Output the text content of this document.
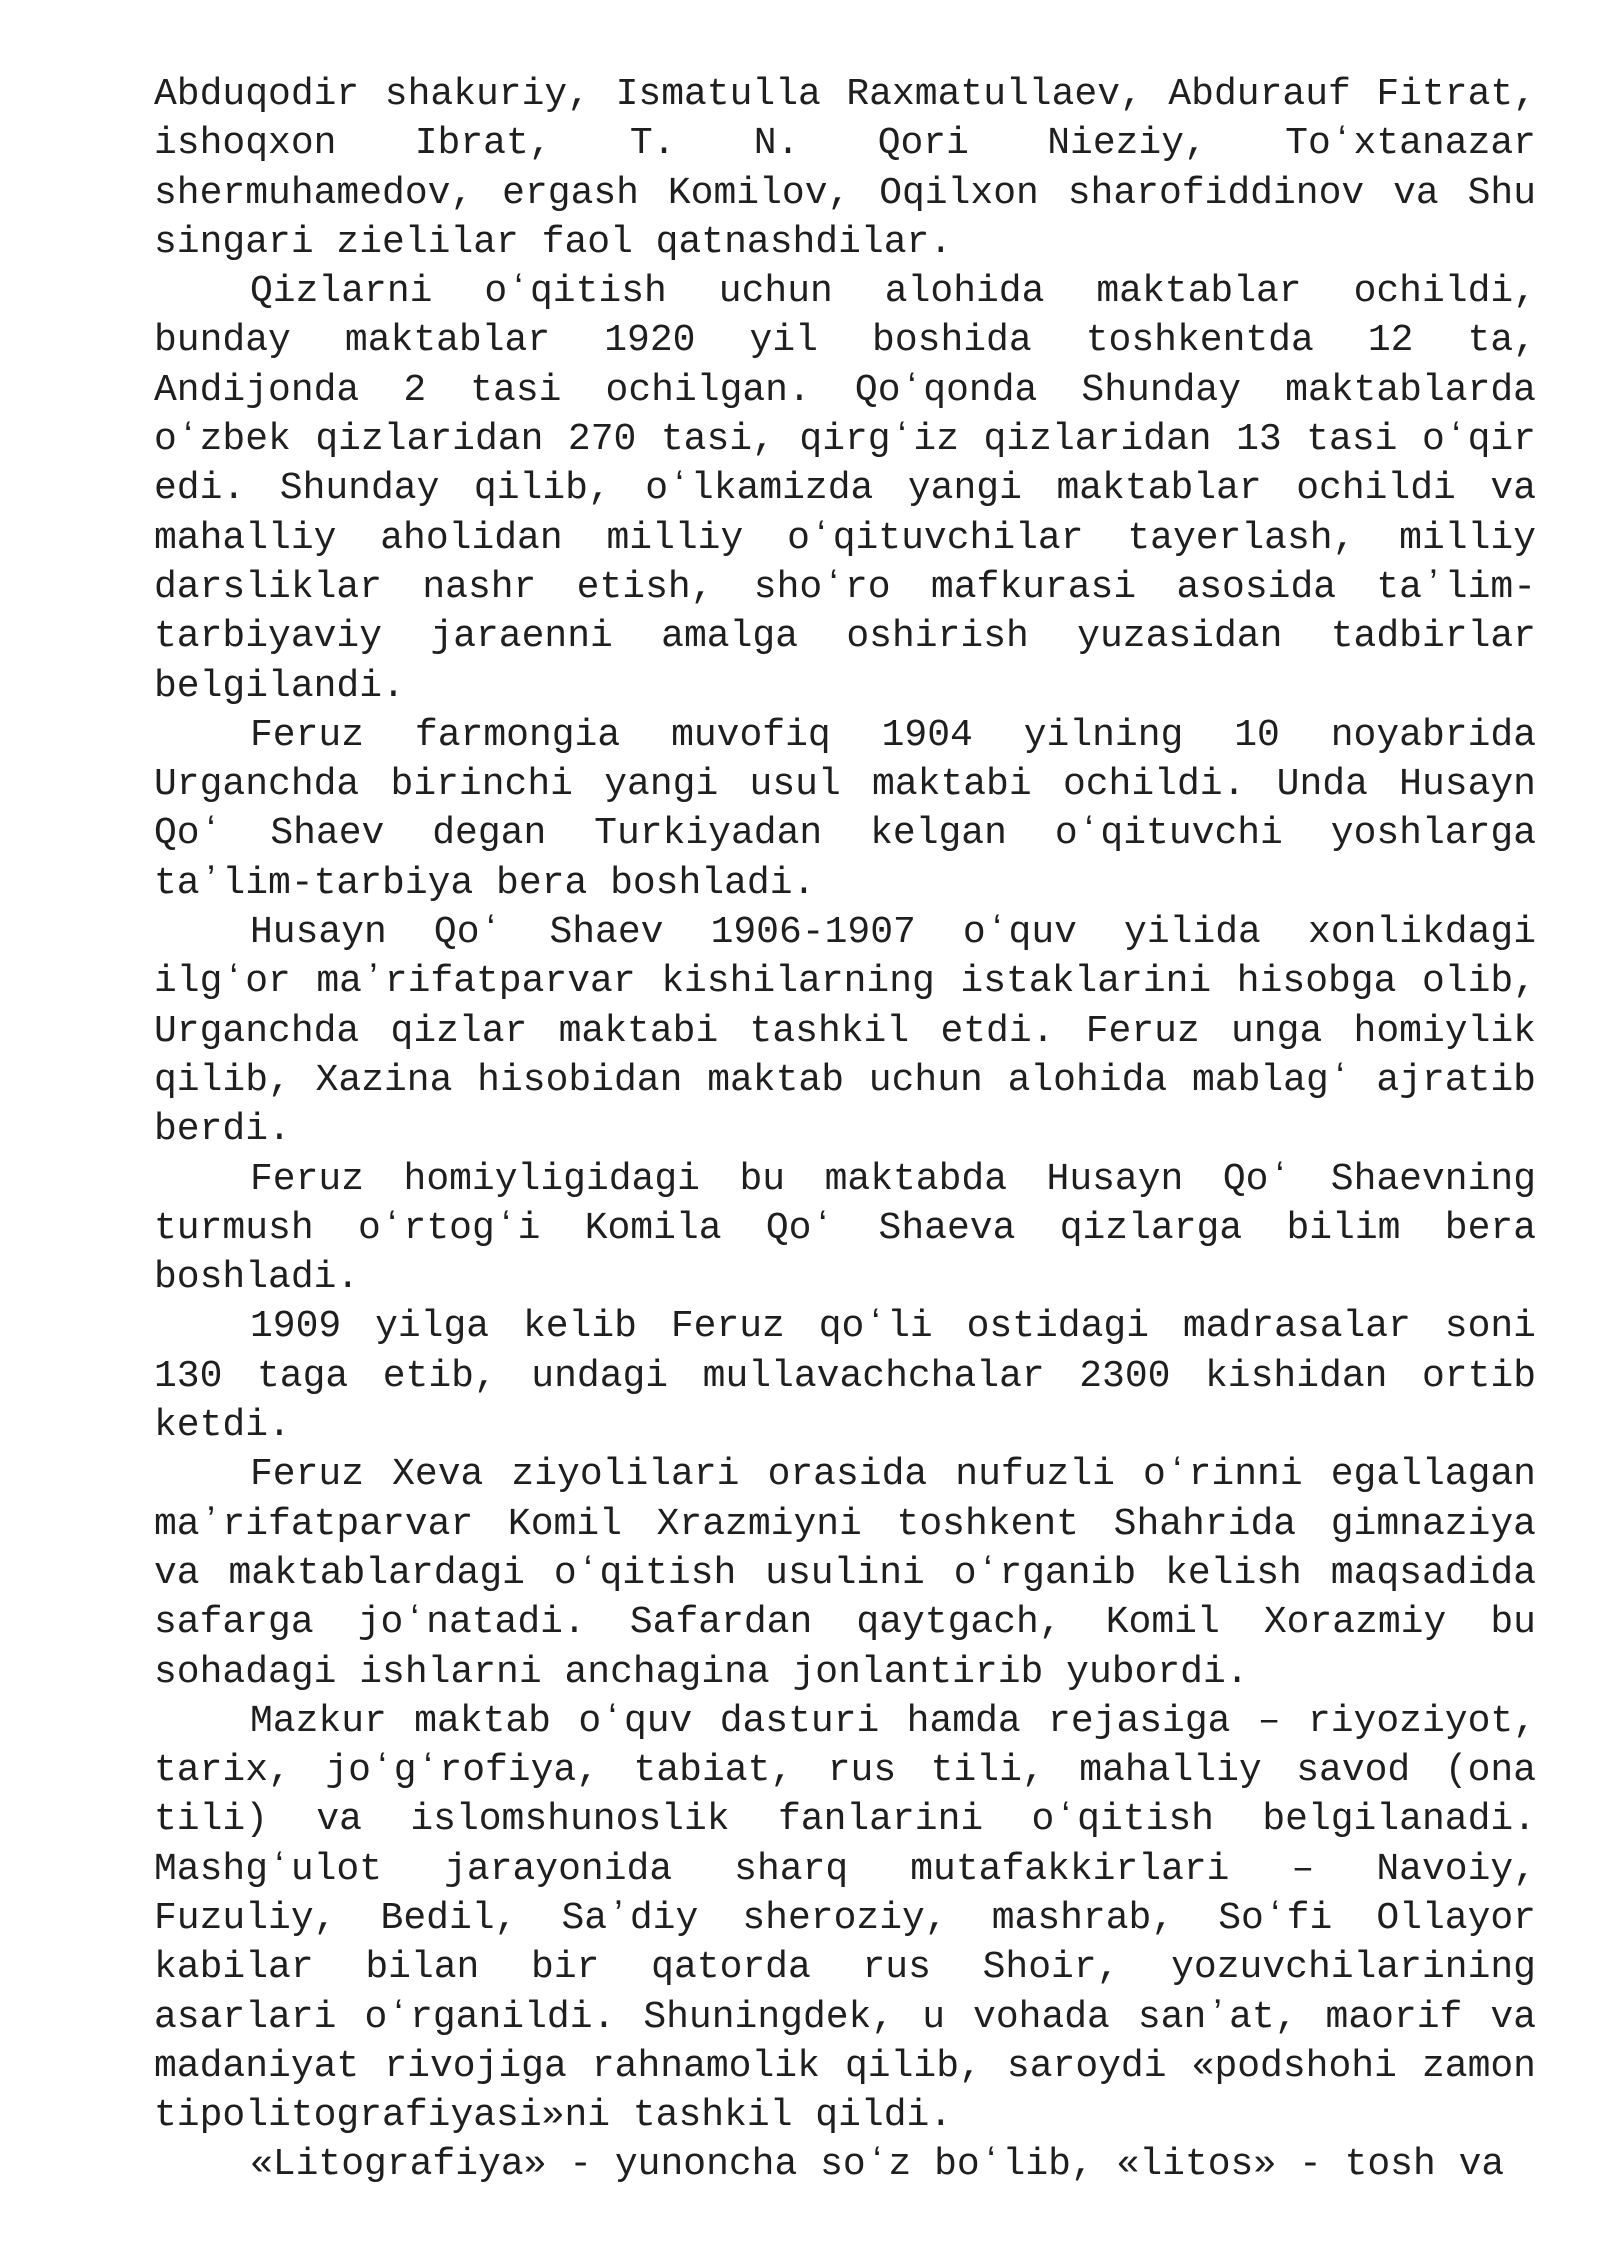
Abduqodir shakuriy, Ismatulla Raxmatullaev, Abdurauf Fitrat, ishoqxon Ibrat, T. N. Qori Nieziy, Toʻxtanazar shermuhamedov, ergash Komilov, Oqilxon sharofiddinov va Shu singari zielilar faol qatnashdilar.

Qizlarni oʻqitish uchun alohida maktablar ochildi, bunday maktablar 1920 yil boshida toshkentda 12 ta, Andijonda 2 tasi ochilgan. Qoʻqonda Shunday maktablarda oʻzbek qizlaridan 270 tasi, qirgʻiz qizlaridan 13 tasi oʻqir edi. Shunday qilib, oʻlkamizda yangi maktablar ochildi va mahalliy aholidan milliy oʻqituvchilar tayerlash, milliy darsliklar nashr etish, shoʻro mafkurasi asosida taʼlim-tarbiyaviy jaraenni amalga oshirish yuzasidan tadbirlar belgilandi.

Feruz farmongia muvofiq 1904 yilning 10 noyabrida Urganchda birinchi yangi usul maktabi ochildi. Unda Husayn Qoʻ Shaev degan Turkiyadan kelgan oʻqituvchi yoshlarga taʼlim-tarbiya bera boshladi.

Husayn Qoʻ Shaev 1906-1907 oʻquv yilida xonlikdagi ilgʻor maʼrifatparvar kishilarning istaklarini hisobga olib, Urganchda qizlar maktabi tashkil etdi. Feruz unga homiylik qilib, Xazina hisobidan maktab uchun alohida mablagʻ ajratib berdi.

Feruz homiyligidagi bu maktabda Husayn Qoʻ Shaevning turmush oʻrtogʻi Komila Qoʻ Shaeva qizlarga bilim bera boshladi.

1909 yilga kelib Feruz qoʻli ostidagi madrasalar soni 130 taga etib, undagi mullavachchalar 2300 kishidan ortib ketdi.

Feruz Xeva ziyolilari orasida nufuzli oʻrinni egallagan maʼrifatparvar Komil Xrazmiyni toshkent Shahrida gimnaziya va maktablardagi oʻqitish usulini oʻrganib kelish maqsadida safarga joʻnatadi. Safardan qaytgach, Komil Xorazmiy bu sohadagi ishlarni anchagina jonlantirib yubordi.

Mazkur maktab oʻquv dasturi hamda rejasiga – riyoziyot, tarix, joʻgʻrofiya, tabiat, rus tili, mahalliy savod (ona tili) va islomshunoslik fanlarini oʻqitish belgilanadi. Mashgʻulot jarayonida sharq mutafakkirlari – Navoiy, Fuzuliy, Bedil, Saʼdiy sheroziy, mashrab, Soʻfi Ollayor kabilar bilan bir qatorda rus Shoir, yozuvchilarining asarlari oʻrganildi. Shuningdek, u vohada sanʼat, maorif va madaniyat rivojiga rahnamolik qilib, saroydi «podshohi zamon tipolitografiyasi»ni tashkil qildi.

«Litografiya» - yunoncha soʻz boʻlib, «litos» - tosh va
